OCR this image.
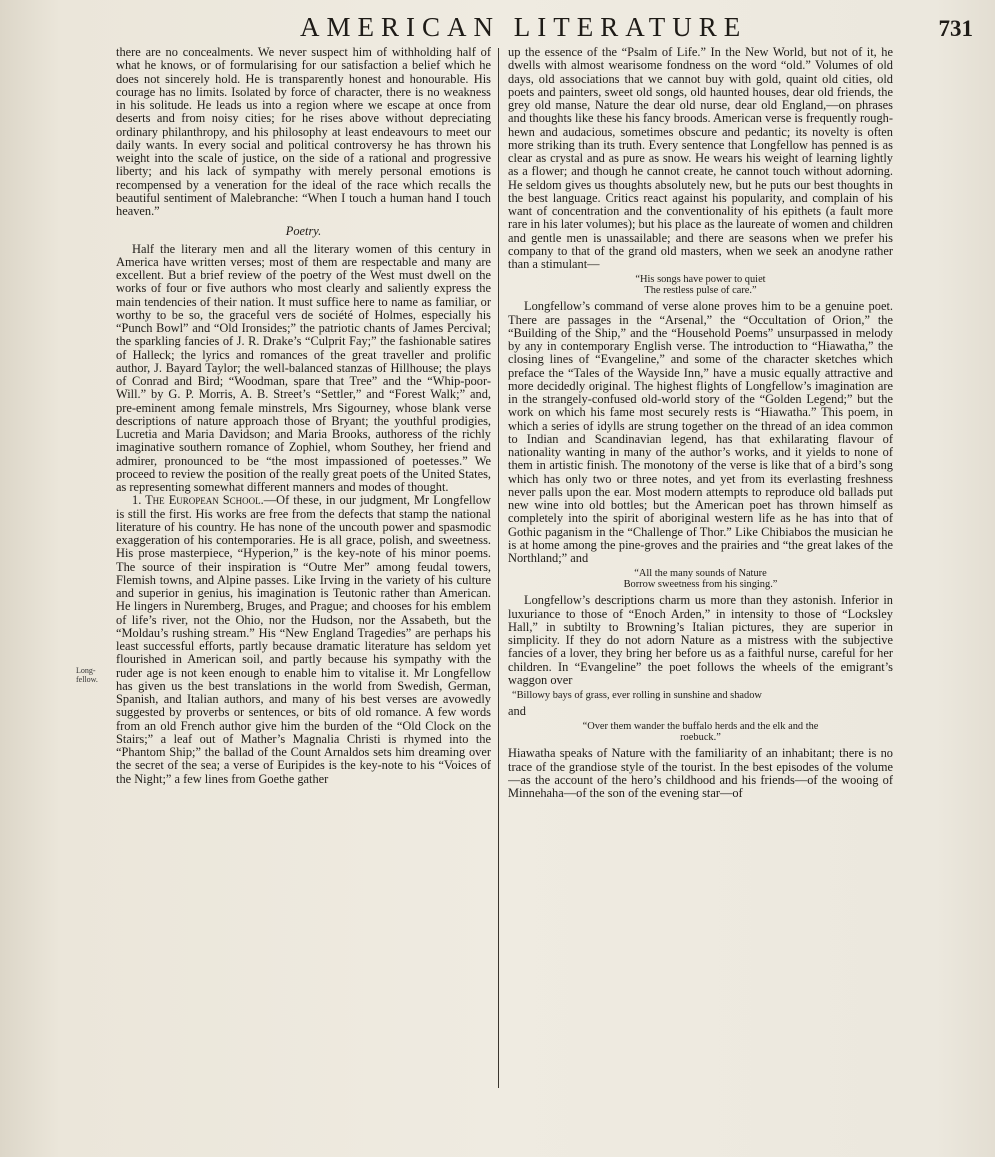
AMERICAN LITERATURE	731
Long-fellow.

there are no concealments. We never suspect him of withholding half of what he knows, or of formularising for our satisfaction a belief which he does not sincerely hold. He is transparently honest and honourable. His courage has no limits. Isolated by force of character, there is no weakness in his solitude. He leads us into a region where we escape at once from deserts and from noisy cities; for he rises above without depreciating ordinary philanthropy, and his philosophy at least endeavours to meet our daily wants. In every social and political controversy he has thrown his weight into the scale of justice, on the side of a rational and progressive liberty; and his lack of sympathy with merely personal emotions is recompensed by a veneration for the ideal of the race which recalls the beautiful sentiment of Malebranche: “When I touch a human hand I touch heaven.”

Poetry.

Half the literary men and all the literary women of this century in America have written verses; most of them are respectable and many are excellent. But a brief review of the poetry of the West must dwell on the works of four or five authors who most clearly and saliently express the main tendencies of their nation. It must suffice here to name as familiar, or worthy to be so, the graceful vers de société of Holmes, especially his “Punch Bowl” and “Old Ironsides;” the patriotic chants of James Percival; the sparkling fancies of J. R. Drake’s “Culprit Fay;” the fashionable satires of Halleck; the lyrics and romances of the great traveller and prolific author, J. Bayard Taylor; the well-balanced stanzas of Hillhouse; the plays of Conrad and Bird; “Woodman, spare that Tree” and the “Whip-poor-Will.” by G. P. Morris, A. B. Street’s “Settler,” and “Forest Walk;” and, pre-eminent among female minstrels, Mrs Sigourney, whose blank verse descriptions of nature approach those of Bryant; the youthful prodigies, Lucretia and Maria Davidson; and Maria Brooks, authoress of the richly imaginative southern romance of Zophiel, whom Southey, her friend and admirer, pronounced to be “the most impassioned of poetesses.” We proceed to review the position of the really great poets of the United States, as representing somewhat different manners and modes of thought.

1. The European School.—Of these, in our judgment, Mr Longfellow is still the first. His works are free from the defects that stamp the national literature of his country. He has none of the uncouth power and spasmodic exaggeration of his contemporaries. He is all grace, polish, and sweetness. His prose masterpiece, “Hyperion,” is the key-note of his minor poems. The source of their inspiration is “Outre Mer” among feudal towers, Flemish towns, and Alpine passes. Like Irving in the variety of his culture and superior in genius, his imagination is Teutonic rather than American. He lingers in Nuremberg, Bruges, and Prague; and chooses for his emblem of life’s river, not the Ohio, nor the Hudson, nor the Assabeth, but the “Moldau’s rushing stream.” His “New England Tragedies” are perhaps his least successful efforts, partly because dramatic literature has seldom yet flourished in American soil, and partly because his sympathy with the ruder age is not keen enough to enable him to vitalise it. Mr Longfellow has given us the best translations in the world from Swedish, German, Spanish, and Italian authors, and many of his best verses are avowedly suggested by proverbs or sentences, or bits of old romance. A few words from an old French author give him the burden of the “Old Clock on the Stairs;” a leaf out of Mather’s Magnalia Christi is rhymed into the “Phantom Ship;” the ballad of the Count Arnaldos sets him dreaming over the secret of the sea; a verse of Euripides is the key-note to his “Voices of the Night;” a few lines from Goethe gather

up the essence of the “Psalm of Life.” In the New World, but not of it, he dwells with almost wearisome fondness on the word “old.” Volumes of old days, old associations that we cannot buy with gold, quaint old cities, old poets and painters, sweet old songs, old haunted houses, dear old friends, the grey old manse, Nature the dear old nurse, dear old England,—on phrases and thoughts like these his fancy broods. American verse is frequently rough-hewn and audacious, sometimes obscure and pedantic; its novelty is often more striking than its truth. Every sentence that Longfellow has penned is as clear as crystal and as pure as snow. He wears his weight of learning lightly as a flower; and though he cannot create, he cannot touch without adorning. He seldom gives us thoughts absolutely new, but he puts our best thoughts in the best language. Critics react against his popularity, and complain of his want of concentration and the conventionality of his epithets (a fault more rare in his later volumes); but his place as the laureate of women and children and gentle men is unassailable; and there are seasons when we prefer his company to that of the grand old masters, when we seek an anodyne rather than a stimulant—

“His songs have power to quiet
The restless pulse of care.”

Longfellow’s command of verse alone proves him to be a genuine poet. There are passages in the “Arsenal,” the “Occultation of Orion,” the “Building of the Ship,” and the “Household Poems” unsurpassed in melody by any in contemporary English verse. The introduction to “Hiawatha,” the closing lines of “Evangeline,” and some of the character sketches which preface the “Tales of the Wayside Inn,” have a music equally attractive and more decidedly original. The highest flights of Longfellow’s imagination are in the strangely-confused old-world story of the “Golden Legend;” but the work on which his fame most securely rests is “Hiawatha.” This poem, in which a series of idylls are strung together on the thread of an idea common to Indian and Scandinavian legend, has that exhilarating flavour of nationality wanting in many of the author’s works, and it yields to none of them in artistic finish. The monotony of the verse is like that of a bird’s song which has only two or three notes, and yet from its everlasting freshness never palls upon the ear. Most modern attempts to reproduce old ballads put new wine into old bottles; but the American poet has thrown himself as completely into the spirit of aboriginal western life as he has into that of Gothic paganism in the “Challenge of Thor.” Like Chibiabos the musician he is at home among the pine-groves and the prairies and “the great lakes of the Northland;” and

“All the many sounds of Nature
Borrow sweetness from his singing.”

Longfellow’s descriptions charm us more than they astonish. Inferior in luxuriance to those of “Enoch Arden,” in intensity to those of “Locksley Hall,” in subtilty to Browning’s Italian pictures, they are superior in simplicity. If they do not adorn Nature as a mistress with the subjective fancies of a lover, they bring her before us as a faithful nurse, careful for her children. In “Evangeline” the poet follows the wheels of the emigrant’s waggon over

“Billowy bays of grass, ever rolling in sunshine and shadow

and

“Over them wander the buffalo herds and the elk and the
roebuck.”

Hiawatha speaks of Nature with the familiarity of an inhabitant; there is no trace of the grandiose style of the tourist. In the best episodes of the volume—as the account of the hero’s childhood and his friends—of the wooing of Minnehaha—of the son of the evening star—of
